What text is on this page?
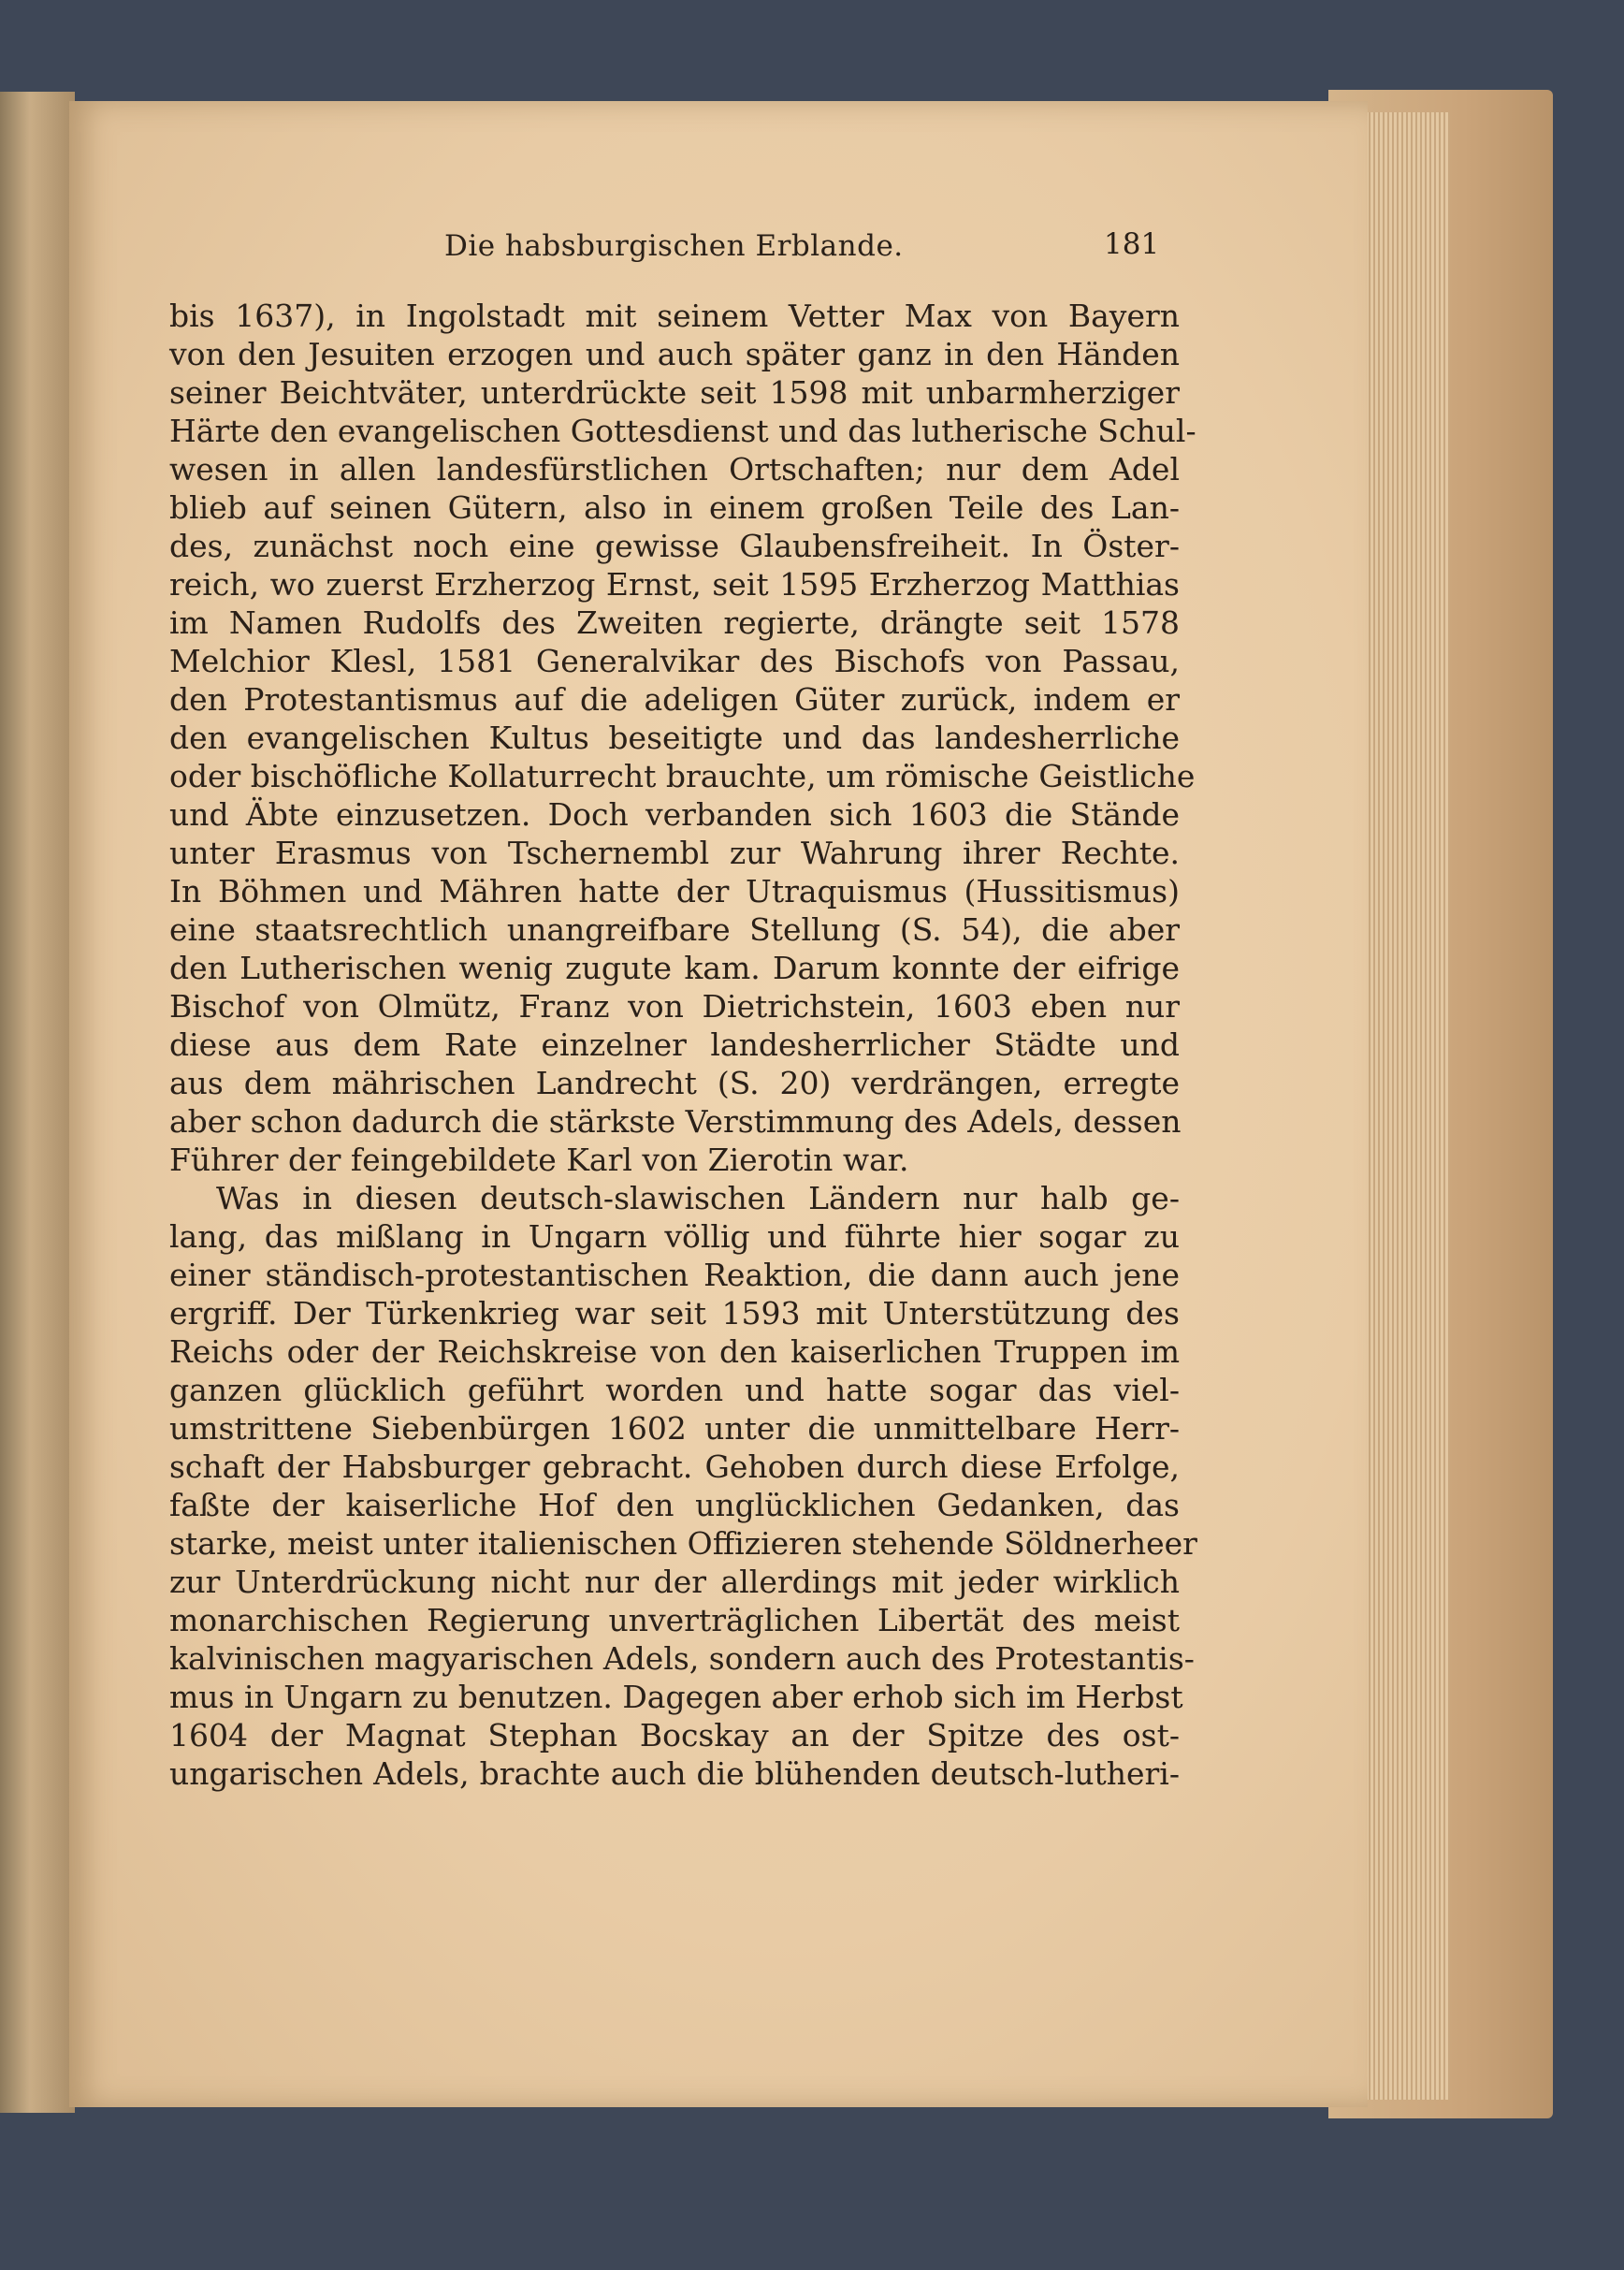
Die habsburgischen Erblande.	181
bis 1637), in Ingolstadt mit seinem Vetter Max von Bayern
von den Jesuiten erzogen und auch später ganz in den Händen
seiner Beichtväter, unterdrückte seit 1598 mit unbarmherziger
Härte den evangelischen Gottesdienst und das lutherische Schul-
wesen in allen landesfürstlichen Ortschaften; nur dem Adel
blieb auf seinen Gütern, also in einem großen Teile des Lan-
des, zunächst noch eine gewisse Glaubensfreiheit. In Öster-
reich, wo zuerst Erzherzog Ernst, seit 1595 Erzherzog Matthias
im Namen Rudolfs des Zweiten regierte, drängte seit 1578
Melchior Klesl, 1581 Generalvikar des Bischofs von Passau,
den Protestantismus auf die adeligen Güter zurück, indem er
den evangelischen Kultus beseitigte und das landesherrliche
oder bischöfliche Kollaturrecht brauchte, um römische Geistliche
und Äbte einzusetzen. Doch verbanden sich 1603 die Stände
unter Erasmus von Tschernembl zur Wahrung ihrer Rechte.
In Böhmen und Mähren hatte der Utraquismus (Hussitismus)
eine staatsrechtlich unangreifbare Stellung (S. 54), die aber
den Lutherischen wenig zugute kam. Darum konnte der eifrige
Bischof von Olmütz, Franz von Dietrichstein, 1603 eben nur
diese aus dem Rate einzelner landesherrlicher Städte und
aus dem mährischen Landrecht (S. 20) verdrängen, erregte
aber schon dadurch die stärkste Verstimmung des Adels, dessen
Führer der feingebildete Karl von Zierotin war.
Was in diesen deutsch-slawischen Ländern nur halb ge-
lang, das mißlang in Ungarn völlig und führte hier sogar zu
einer ständisch-protestantischen Reaktion, die dann auch jene
ergriff. Der Türkenkrieg war seit 1593 mit Unterstützung des
Reichs oder der Reichskreise von den kaiserlichen Truppen im
ganzen glücklich geführt worden und hatte sogar das viel-
umstrittene Siebenbürgen 1602 unter die unmittelbare Herr-
schaft der Habsburger gebracht. Gehoben durch diese Erfolge,
faßte der kaiserliche Hof den unglücklichen Gedanken, das
starke, meist unter italienischen Offizieren stehende Söldnerheer
zur Unterdrückung nicht nur der allerdings mit jeder wirklich
monarchischen Regierung unverträglichen Libertät des meist
kalvinischen magyarischen Adels, sondern auch des Protestantis-
mus in Ungarn zu benutzen. Dagegen aber erhob sich im Herbst
1604 der Magnat Stephan Bocskay an der Spitze des ost-
ungarischen Adels, brachte auch die blühenden deutsch-lutheri-
